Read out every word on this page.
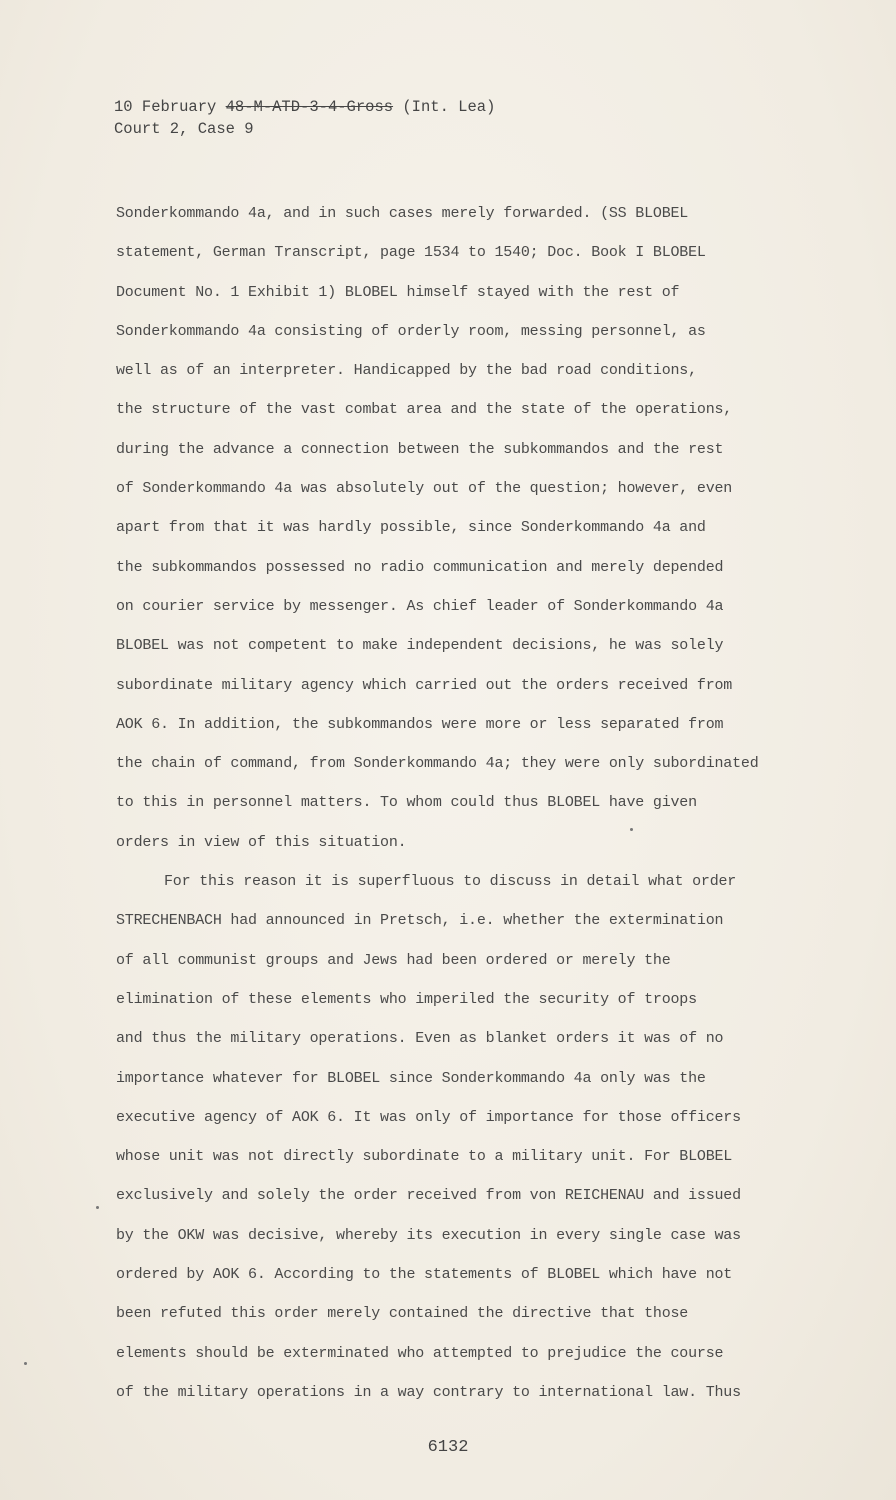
10 February 48-M-ATD-3-4-Gross (Int. Lea)
Court 2, Case 9
Sonderkommando 4a, and in such cases merely forwarded. (SS BLOBEL
statement, German Transcript, page 1534 to 1540; Doc. Book I BLOBEL
Document No. 1 Exhibit 1) BLOBEL himself stayed with the rest of
Sonderkommando 4a consisting of orderly room, messing personnel, as
well as of an interpreter. Handicapped by the bad road conditions,
the structure of the vast combat area and the state of the operations,
during the advance a connection between the subkommandos and the rest
of Sonderkommando 4a was absolutely out of the question; however, even
apart from that it was hardly possible, since Sonderkommando 4a and
the subkommandos possessed no radio communication and merely depended
on courier service by messenger. As chief leader of Sonderkommando 4a
BLOBEL was not competent to make independent decisions, he was solely
subordinate military agency which carried out the orders received from
AOK 6. In addition, the subkommandos were more or less separated from
the chain of command, from Sonderkommando 4a; they were only subordinated
to this in personnel matters. To whom could thus BLOBEL have given
orders in view of this situation.
For this reason it is superfluous to discuss in detail what order
STRECHENBACH had announced in Pretsch, i.e. whether the extermination
of all communist groups and Jews had been ordered or merely the
elimination of these elements who imperiled the security of troops
and thus the military operations. Even as blanket orders it was of no
importance whatever for BLOBEL since Sonderkommando 4a only was the
executive agency of AOK 6. It was only of importance for those officers
whose unit was not directly subordinate to a military unit. For BLOBEL
exclusively and solely the order received from von REICHENAU and issued
by the OKW was decisive, whereby its execution in every single case was
ordered by AOK 6. According to the statements of BLOBEL which have not
been refuted this order merely contained the directive that those
elements should be exterminated who attempted to prejudice the course
of the military operations in a way contrary to international law. Thus
6132
